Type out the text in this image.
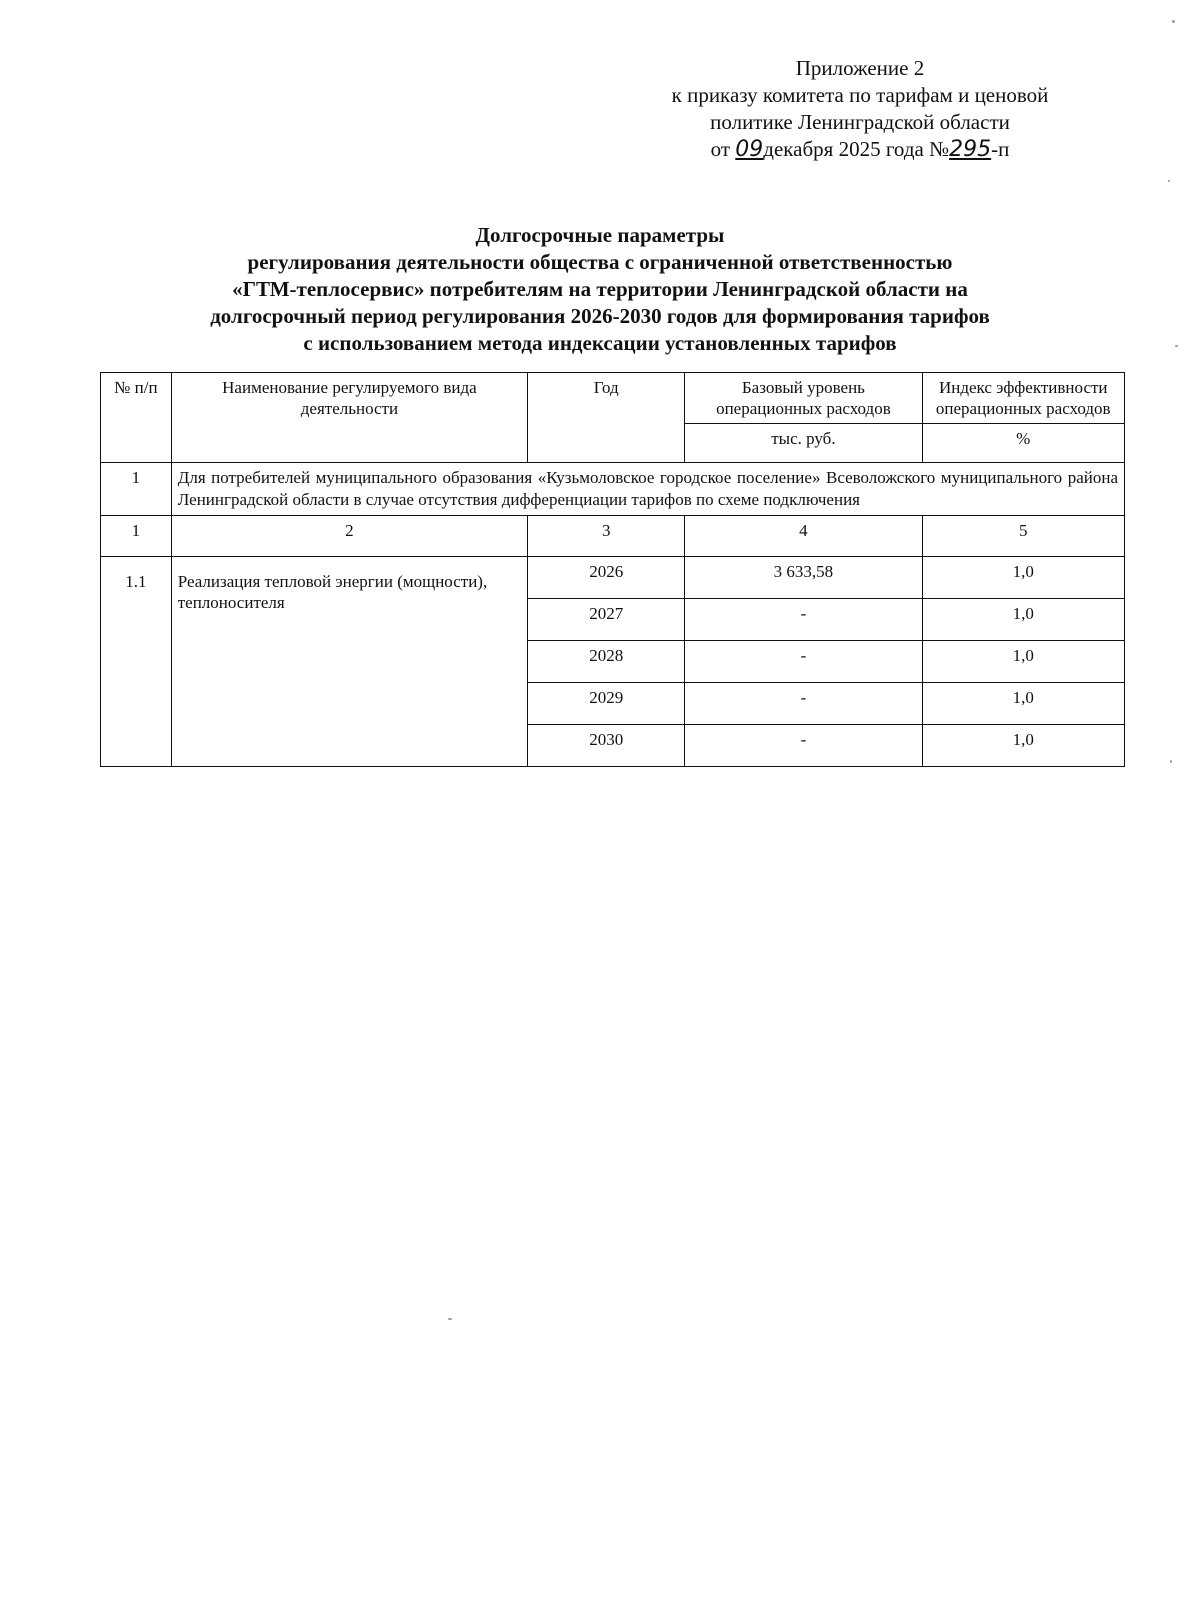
Приложение 2
к приказу комитета по тарифам и ценовой
политике Ленинградской области
от 09декабря 2025 года №295-п
Долгосрочные параметры
регулирования деятельности общества с ограниченной ответственностью
«ГТМ-теплосервис» потребителям на территории Ленинградской области на
долгосрочный период регулирования 2026-2030 годов для формирования тарифов
с использованием метода индексации установленных тарифов
№ п/п	Наименование регулируемого вида деятельности	Год	Базовый уровень операционных расходов	Индекс эффективности операционных расходов
			тыс. руб.	%
1	Для потребителей муниципального образования «Кузьмоловское городское поселение» Всеволожского муниципального района Ленинградской области в случае отсутствия дифференциации тарифов по схеме подключения			
1	2	3	4	5
1.1	Реализация тепловой энергии (мощности), теплоносителя	2026	3 633,58	1,0
		2027	-	1,0
		2028	-	1,0
		2029	-	1,0
		2030	-	1,0
